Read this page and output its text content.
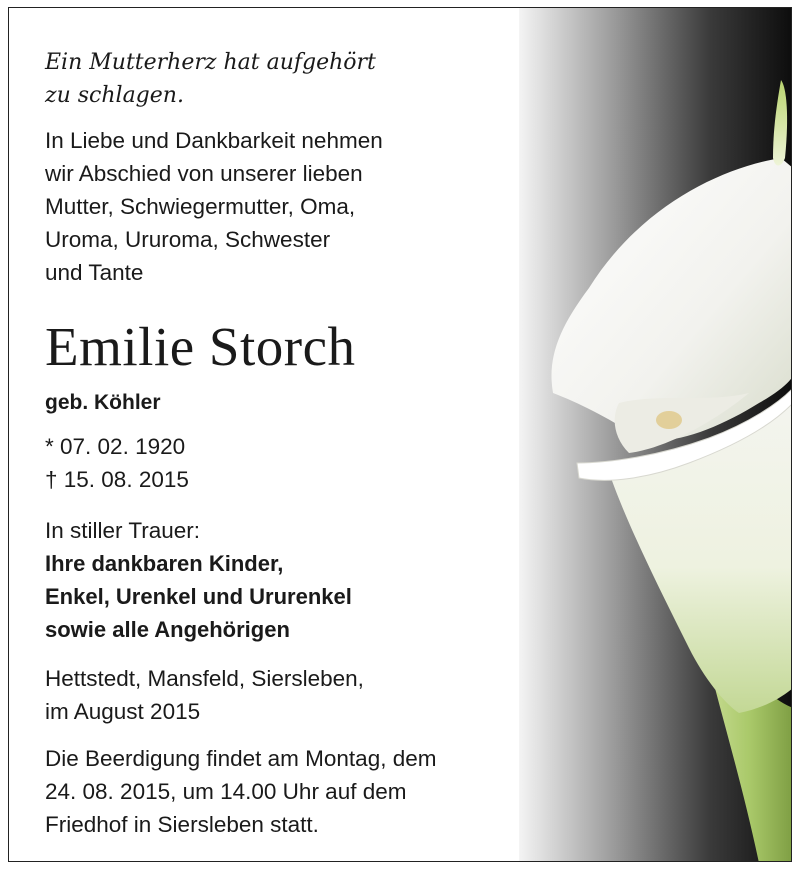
Ein Mutterherz hat aufgehört
zu schlagen.

In Liebe und Dankbarkeit nehmen
wir Abschied von unserer lieben
Mutter, Schwiegermutter, Oma,
Uroma, Ururoma, Schwester
und Tante

Emilie Storch
geb. Köhler
* 07. 02. 1920
† 15. 08. 2015
In stiller Trauer:
Ihre dankbaren Kinder,
Enkel, Urenkel und Ururenkel
sowie alle Angehörigen
Hettstedt, Mansfeld, Siersleben,
im August 2015
Die Beerdigung findet am Montag, dem
24. 08. 2015, um 14.00 Uhr auf dem
Friedhof in Siersleben statt.
